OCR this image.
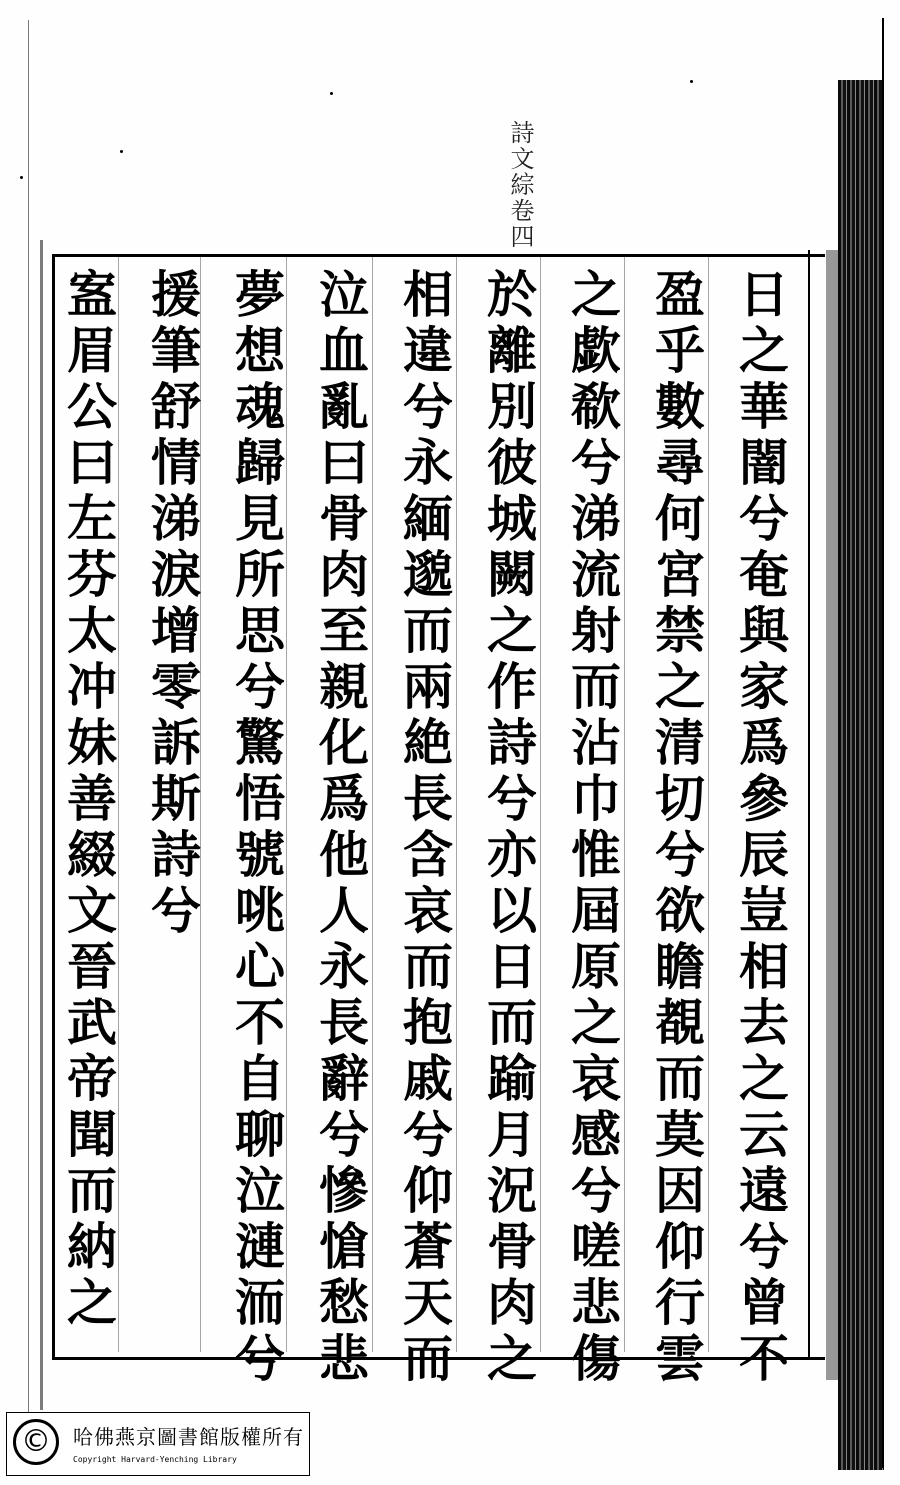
詩文綜卷四
日之華闇兮奄與家爲參辰豈相去之云遠兮曾不
盈乎數尋何宮禁之清切兮欲瞻覩而莫因仰行雲
之歔欷兮涕流射而沾巾惟屆原之哀感兮嗟悲傷
於離別彼城闕之作詩兮亦以日而踰月況骨肉之
相違兮永緬邈而兩絶長含哀而抱戚兮仰蒼天而
泣血亂曰骨肉至親化爲他人永長辭兮慘愴愁悲
夢想魂歸見所思兮驚悟號咷心不自聊泣漣洏兮
援筆舒情涕淚增零訴斯詩兮
䀂眉公曰左芬太冲妹善綴文晉武帝聞而納之
©	哈佛燕京圖書館版權所有
Copyright Harvard-Yenching Library
